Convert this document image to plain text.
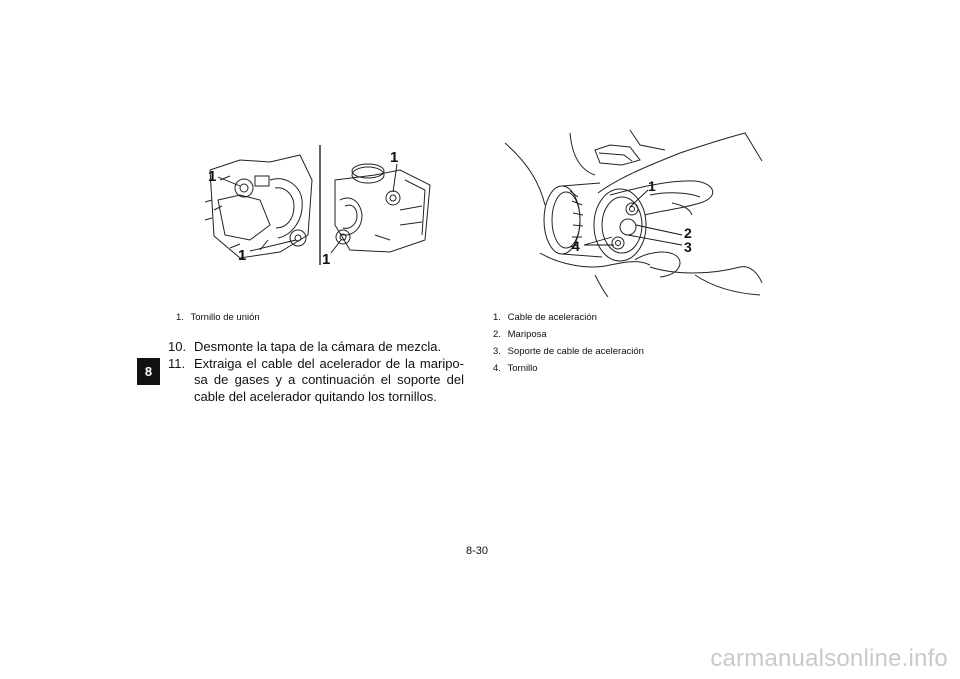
8
1
1
1
1
1. Tornillo de unión
1
2
3
4
1. Cable de aceleración
2. Mariposa
3. Soporte de cable de aceleración
4. Tornillo
10. Desmonte la tapa de la cámara de mezcla.
11. Extraiga el cable del acelerador de la maripo-sa de gases y a continuación el soporte del cable del acelerador quitando los tornillos.
8-30
carmanualsonline.info
